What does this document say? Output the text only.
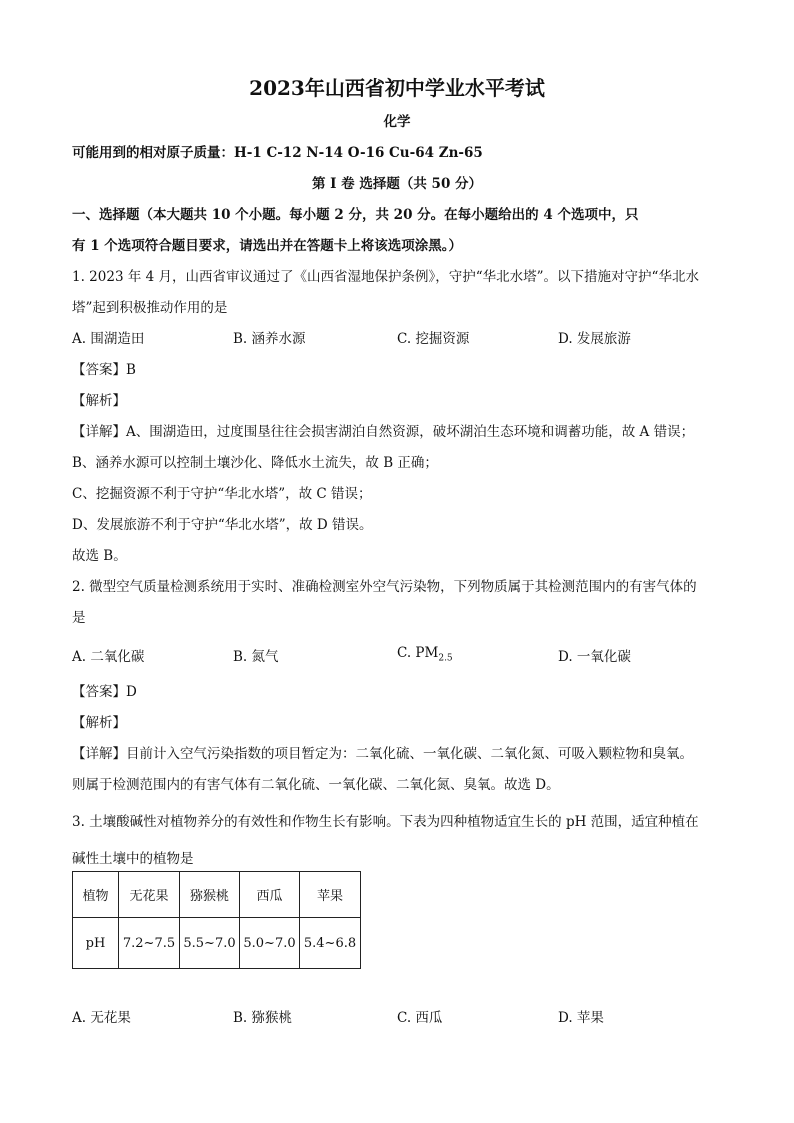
2023年山西省初中学业水平考试
化学
可能用到的相对原子质量：H-1 C-12 N-14 O-16 Cu-64 Zn-65
第 I 卷 选择题（共 50 分）
一、选择题（本大题共 10 个小题。每小题 2 分，共 20 分。在每小题给出的 4 个选项中，只
有 1 个选项符合题目要求，请选出并在答题卡上将该选项涂黑。）
1. 2023 年 4 月，山西省审议通过了《山西省湿地保护条例》，守护“华北水塔”。以下措施对守护“华北水
塔”起到积极推动作用的是
A. 围湖造田	B. 涵养水源	C. 挖掘资源	D. 发展旅游
【答案】B
【解析】
【详解】A、围湖造田，过度围垦往往会损害湖泊自然资源，破坏湖泊生态环境和调蓄功能，故 A 错误；
B、涵养水源可以控制土壤沙化、降低水土流失，故 B 正确；
C、挖掘资源不利于守护“华北水塔”，故 C 错误；
D、发展旅游不利于守护“华北水塔”，故 D 错误。
故选 B。
2. 微型空气质量检测系统用于实时、准确检测室外空气污染物，下列物质属于其检测范围内的有害气体的
是
A. 二氧化碳	B. 氮气	C. $PM_{2.5}$	D. 一氧化碳
【答案】D
【解析】
【详解】目前计入空气污染指数的项目暂定为：二氧化硫、一氧化碳、二氧化氮、可吸入颗粒物和臭氧。
则属于检测范围内的有害气体有二氧化硫、一氧化碳、二氧化氮、臭氧。故选 D。
3. 土壤酸碱性对植物养分的有效性和作物生长有影响。下表为四种植物适宜生长的 pH 范围，适宜种植在
碱性土壤中的植物是
植物	无花果	猕猴桃	西瓜	苹果
pH	7.2~7.5	5.5~7.0	5.0~7.0	5.4~6.8
A. 无花果	B. 猕猴桃	C. 西瓜	D. 苹果
